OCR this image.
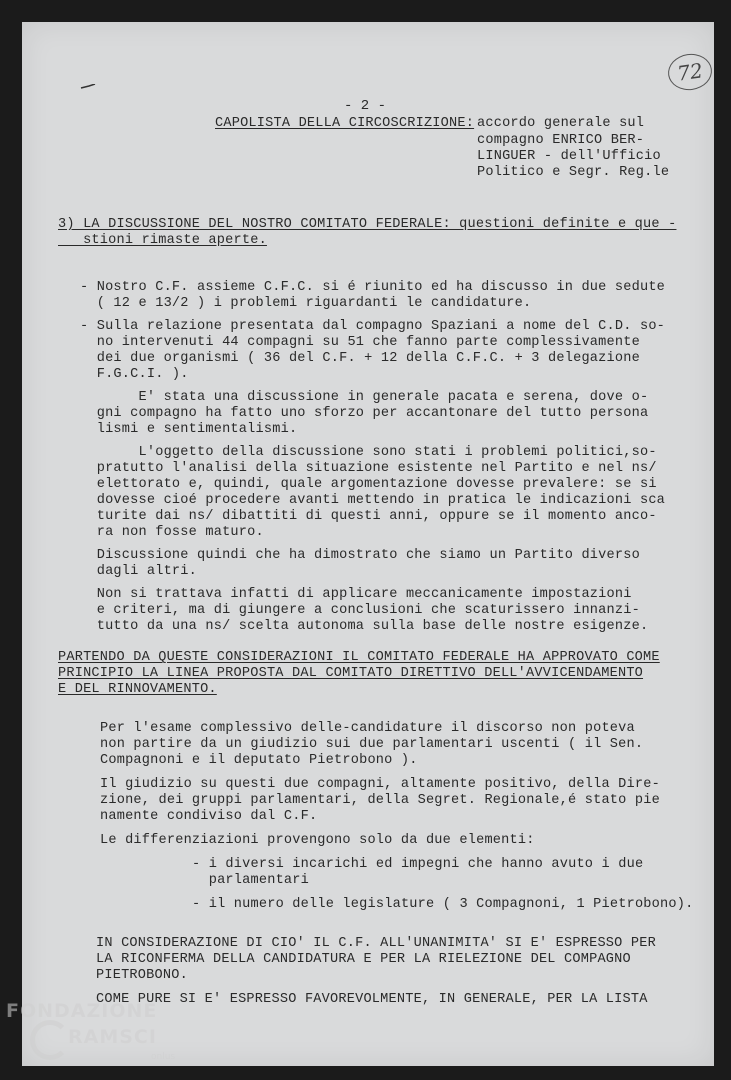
72
- 2 -
CAPOLISTA DELLA CIRCOSCRIZIONE: accordo generale sul
compagno ENRICO BER-
LINGUER - dell'Ufficio
Politico e Segr. Reg.le
3) LA DISCUSSIONE DEL NOSTRO COMITATO FEDERALE: questioni definite e que -
stioni rimaste aperte.
- Nostro C.F. assieme C.F.C. si é riunito ed ha discusso in due sedute
( 12 e 13/2 ) i problemi riguardanti le candidature.
- Sulla relazione presentata dal compagno Spaziani a nome del C.D. so-
no intervenuti 44 compagni su 51 che fanno parte complessivamente
dei due organismi ( 36 del C.F. + 12 della C.F.C. + 3 delegazione
F.G.C.I. ).
E' stata una discussione in generale pacata e serena, dove o-
gni compagno ha fatto uno sforzo per accantonare del tutto persona
lismi e sentimentalismi.
L'oggetto della discussione sono stati i problemi politici,so-
pratutto l'analisi della situazione esistente nel Partito e nel ns/
elettorato e, quindi, quale argomentazione dovesse prevalere: se si
dovesse cioé procedere avanti mettendo in pratica le indicazioni sca
turite dai ns/ dibattiti di questi anni, oppure se il momento anco-
ra non fosse maturo.
Discussione quindi che ha dimostrato che siamo un Partito diverso
dagli altri.
Non si trattava infatti di applicare meccanicamente impostazioni
e criteri, ma di giungere a conclusioni che scaturissero innanzi-
tutto da una ns/ scelta autonoma sulla base delle nostre esigenze.
PARTENDO DA QUESTE CONSIDERAZIONI IL COMITATO FEDERALE HA APPROVATO COME
PRINCIPIO LA LINEA PROPOSTA DAL COMITATO DIRETTIVO DELL'AVVICENDAMENTO
E DEL RINNOVAMENTO.
Per l'esame complessivo delle-candidature il discorso non poteva
non partire da un giudizio sui due parlamentari uscenti ( il Sen.
Compagnoni e il deputato Pietrobono ).
Il giudizio su questi due compagni, altamente positivo, della Dire-
zione, dei gruppi parlamentari, della Segret. Regionale,é stato pie
namente condiviso dal C.F.
Le differenziazioni provengono solo da due elementi:
- i diversi incarichi ed impegni che hanno avuto i due
parlamentari
- il numero delle legislature ( 3 Compagnoni, 1 Pietrobono).
IN CONSIDERAZIONE DI CIO' IL C.F. ALL'UNANIMITA' SI E' ESPRESSO PER
LA RICONFERMA DELLA CANDIDATURA E PER LA RIELEZIONE DEL COMPAGNO
PIETROBONO.
COME PURE SI E' ESPRESSO FAVOREVOLMENTE, IN GENERALE, PER LA LISTA
FONDAZIONE
RAMSCI
onlus
